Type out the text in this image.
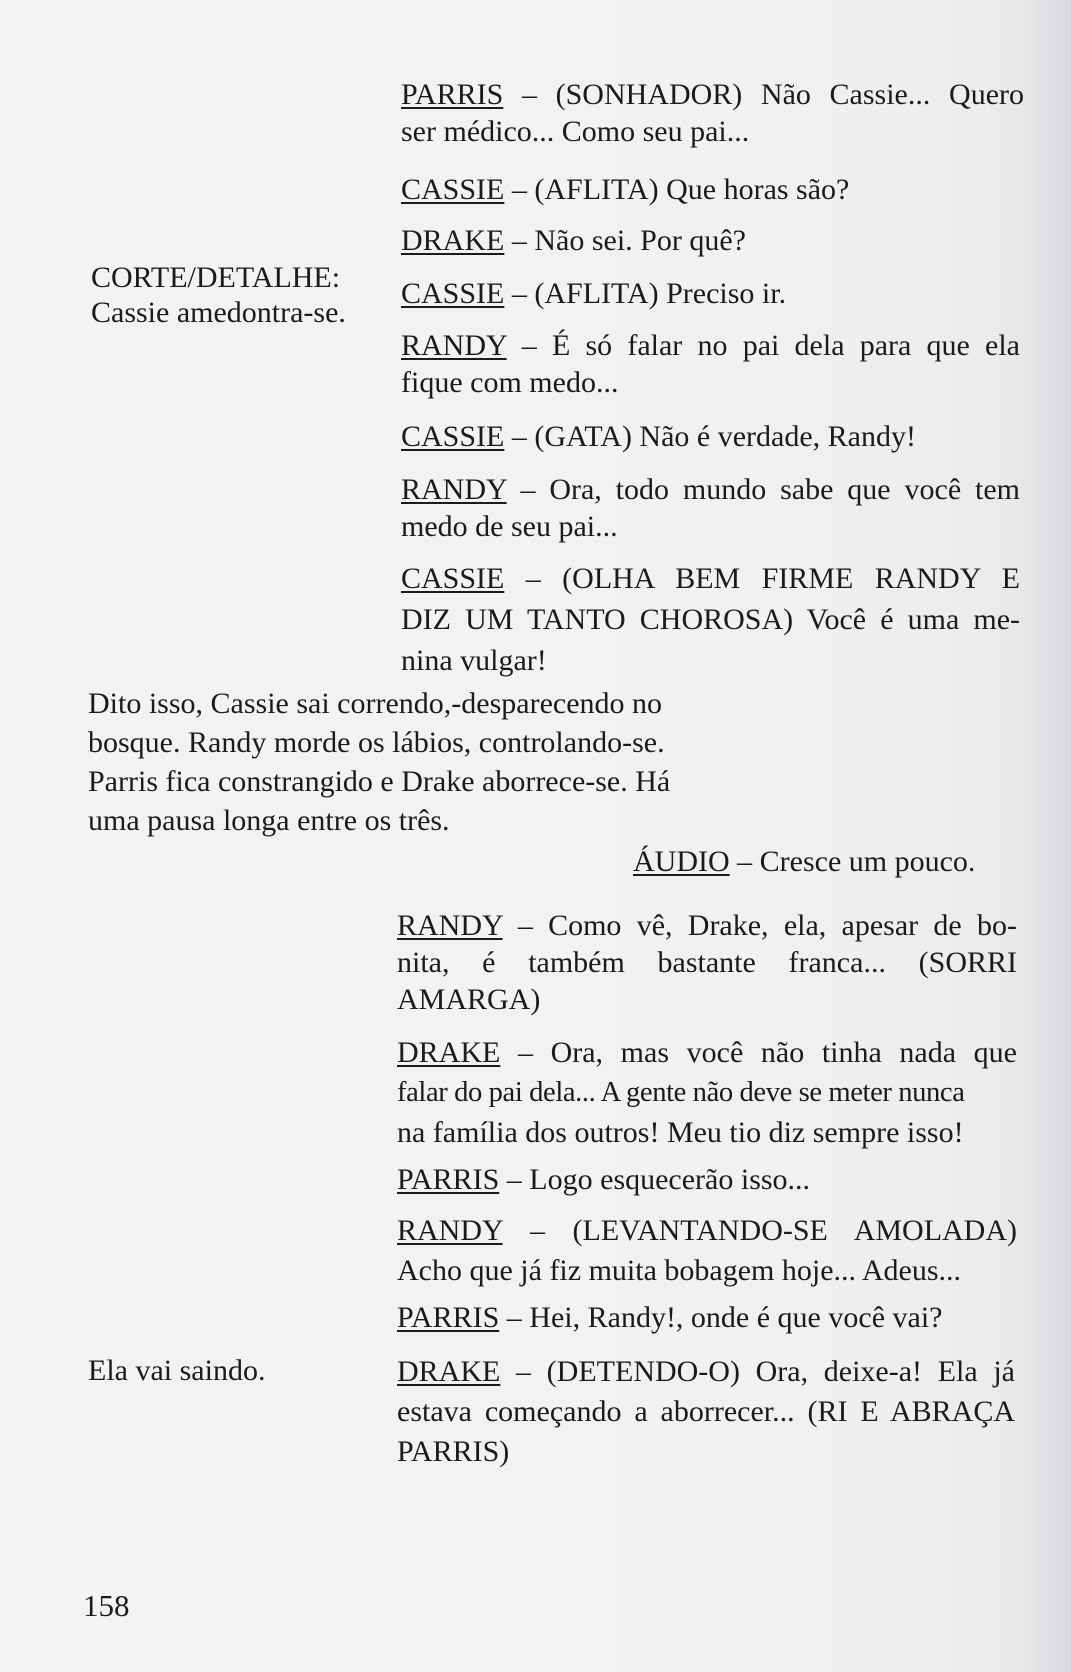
CORTE/DETALHE:
Cassie amedontra-se.
PARRIS – (SONHADOR) Não Cassie... Quero
ser médico... Como seu pai...
CASSIE – (AFLITA) Que horas são?
DRAKE – Não sei. Por quê?
CASSIE – (AFLITA) Preciso ir.
RANDY – É só falar no pai dela para que ela
fique com medo...
CASSIE – (GATA) Não é verdade, Randy!
RANDY – Ora, todo mundo sabe que você tem
medo de seu pai...
CASSIE – (OLHA BEM FIRME RANDY E
DIZ UM TANTO CHOROSA) Você é uma me-
nina vulgar!
Dito isso, Cassie sai correndo,-desparecendo no
bosque. Randy morde os lábios, controlando-se.
Parris fica constrangido e Drake aborrece-se. Há
uma pausa longa entre os três.
ÁUDIO – Cresce um pouco.
RANDY – Como vê, Drake, ela, apesar de bo-
nita, é também bastante franca... (SORRI
AMARGA)
DRAKE – Ora, mas você não tinha nada que
falar do pai dela... A gente não deve se meter nunca
na família dos outros! Meu tio diz sempre isso!
PARRIS – Logo esquecerão isso...
RANDY – (LEVANTANDO-SE AMOLADA)
Acho que já fiz muita bobagem hoje... Adeus...
PARRIS – Hei, Randy!, onde é que você vai?
Ela vai saindo.	DRAKE – (DETENDO-O) Ora, deixe-a! Ela já
estava começando a aborrecer... (RI E ABRAÇA
PARRIS)
158
